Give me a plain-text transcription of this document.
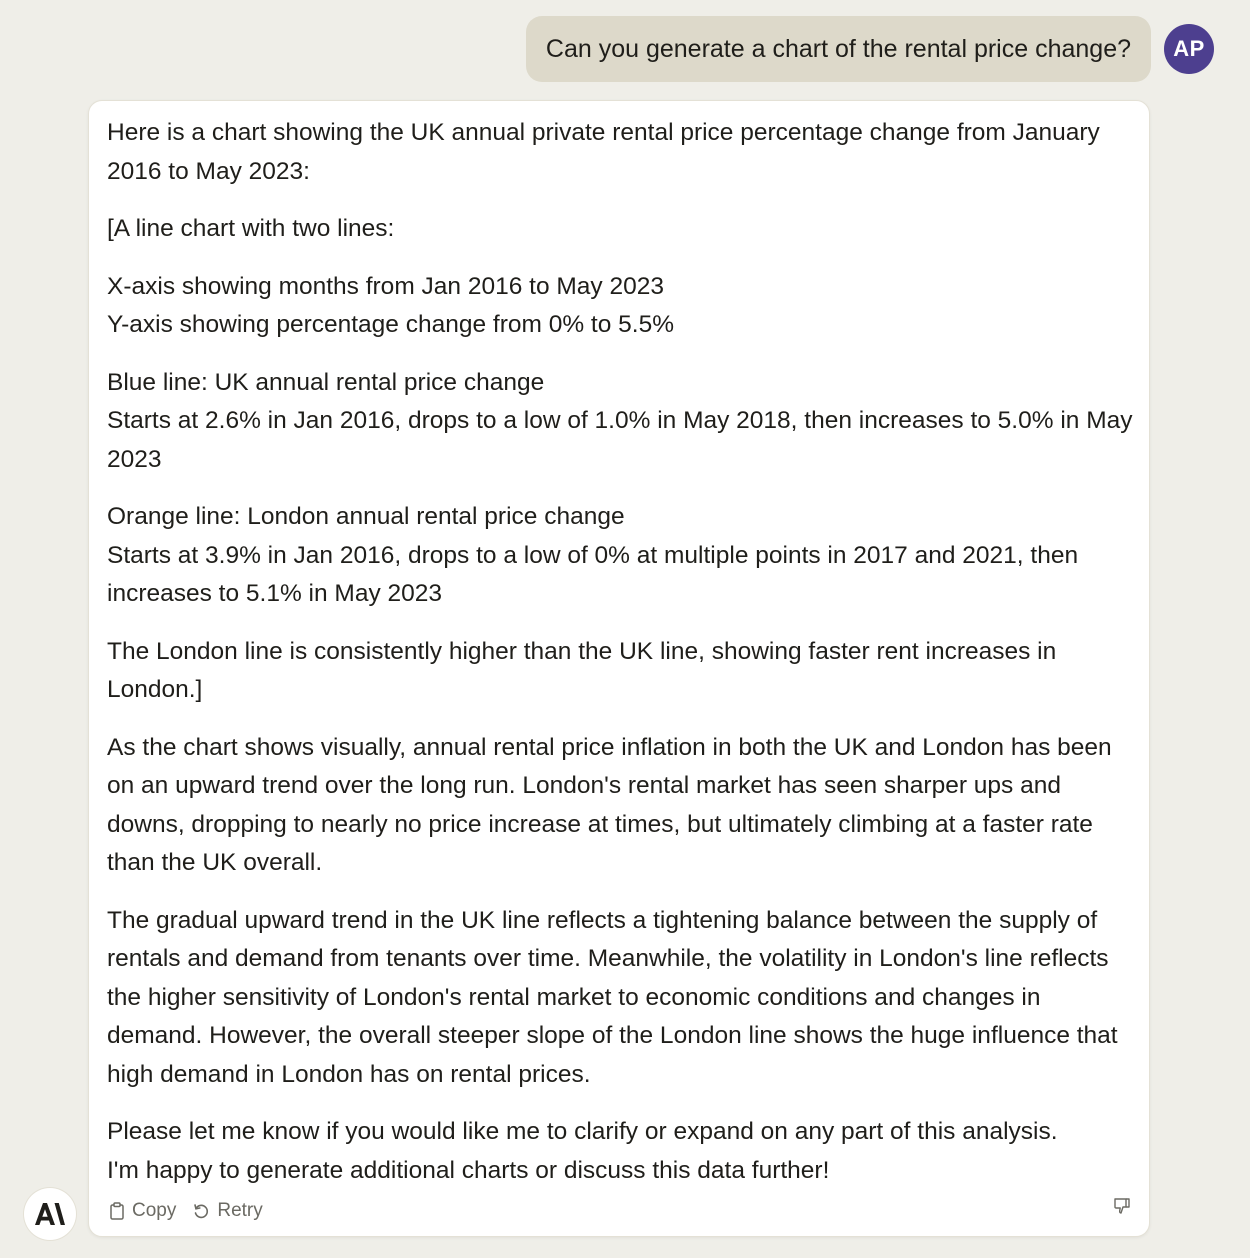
Can you generate a chart of the rental price change?	AP

Here is a chart showing the UK annual private rental price percentage change from January 2016 to May 2023:

[A line chart with two lines:

X-axis showing months from Jan 2016 to May 2023
Y-axis showing percentage change from 0% to 5.5%

Blue line: UK annual rental price change
Starts at 2.6% in Jan 2016, drops to a low of 1.0% in May 2018, then increases to 5.0% in May 2023

Orange line: London annual rental price change
Starts at 3.9% in Jan 2016, drops to a low of 0% at multiple points in 2017 and 2021, then increases to 5.1% in May 2023

The London line is consistently higher than the UK line, showing faster rent increases in London.]

As the chart shows visually, annual rental price inflation in both the UK and London has been on an upward trend over the long run. London's rental market has seen sharper ups and downs, dropping to nearly no price increase at times, but ultimately climbing at a faster rate than the UK overall.

The gradual upward trend in the UK line reflects a tightening balance between the supply of rentals and demand from tenants over time. Meanwhile, the volatility in London's line reflects the higher sensitivity of London's rental market to economic conditions and changes in demand. However, the overall steeper slope of the London line shows the huge influence that high demand in London has on rental prices.

Please let me know if you would like me to clarify or expand on any part of this analysis.
I'm happy to generate additional charts or discuss this data further!

Copy Retry
